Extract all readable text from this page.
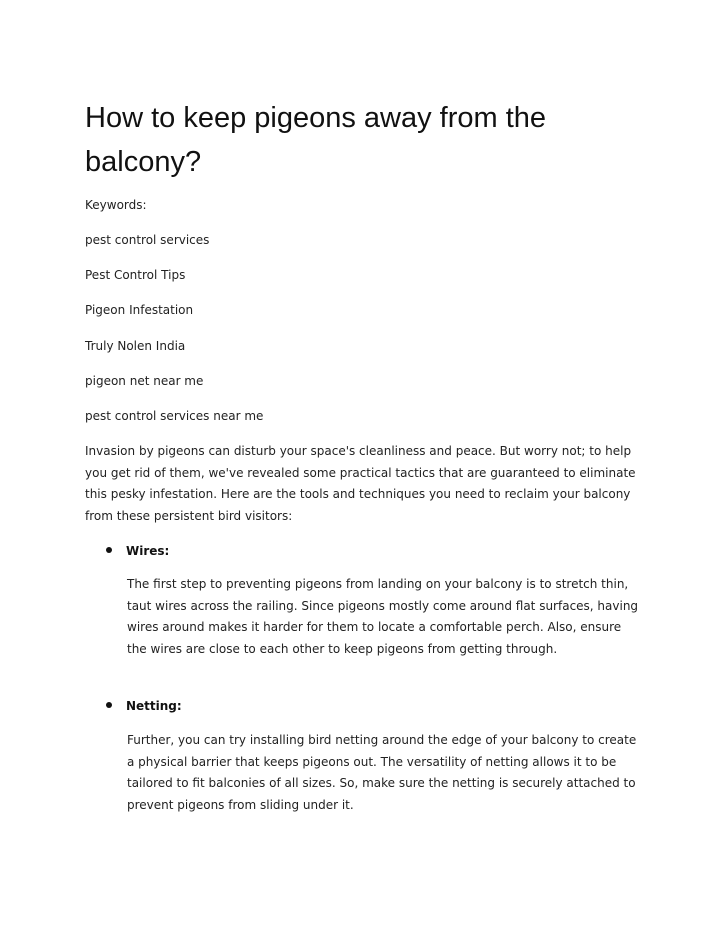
How to keep pigeons away from the balcony?

Keywords:

pest control services

Pest Control Tips

Pigeon Infestation

Truly Nolen India

pigeon net near me

pest control services near me

Invasion by pigeons can disturb your space's cleanliness and peace. But worry not; to help you get rid of them, we've revealed some practical tactics that are guaranteed to eliminate this pesky infestation. Here are the tools and techniques you need to reclaim your balcony from these persistent bird visitors:

Wires:

The first step to preventing pigeons from landing on your balcony is to stretch thin, taut wires across the railing. Since pigeons mostly come around flat surfaces, having wires around makes it harder for them to locate a comfortable perch. Also, ensure the wires are close to each other to keep pigeons from getting through.

Netting:

Further, you can try installing bird netting around the edge of your balcony to create a physical barrier that keeps pigeons out. The versatility of netting allows it to be tailored to fit balconies of all sizes. So, make sure the netting is securely attached to prevent pigeons from sliding under it.
